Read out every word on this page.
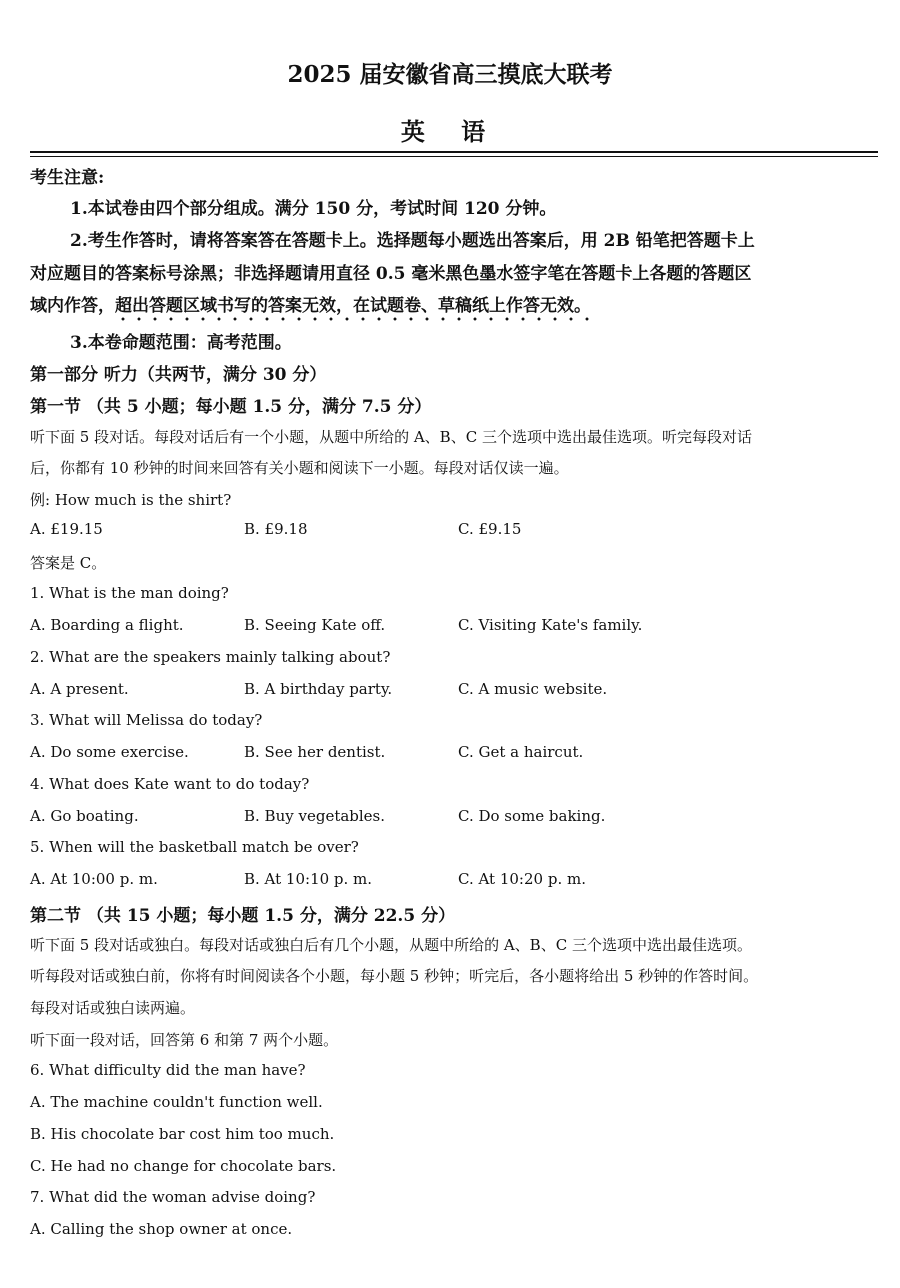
2025 届安徽省高三摸底大联考
英 语
考生注意:
1.本试卷由四个部分组成。满分 150 分，考试时间 120 分钟。
2.考生作答时，请将答案答在答题卡上。选择题每小题选出答案后，用 2B 铅笔把答题卡上
对应题目的答案标号涂黑；非选择题请用直径 0.5 毫米黑色墨水签字笔在答题卡上各题的答题区
域内作答，超出答题区域书写的答案无效，在试题卷、草稿纸上作答无效。
3.本卷命题范围：高考范围。
第一部分 听力（共两节，满分 30 分）
第一节 （共 5 小题；每小题 1.5 分，满分 7.5 分）
听下面 5 段对话。每段对话后有一个小题，从题中所给的 A、B、C 三个选项中选出最佳选项。听完每段对话
后，你都有 10 秒钟的时间来回答有关小题和阅读下一小题。每段对话仅读一遍。
例: How much is the shirt?
A. £19.15	B. £9.18	C. £9.15
答案是 C。
1. What is the man doing?
A. Boarding a flight.	B. Seeing Kate off.	C. Visiting Kate's family.
2. What are the speakers mainly talking about?
A. A present.	B. A birthday party.	C. A music website.
3. What will Melissa do today?
A. Do some exercise.	B. See her dentist.	C. Get a haircut.
4. What does Kate want to do today?
A. Go boating.	B. Buy vegetables.	C. Do some baking.
5. When will the basketball match be over?
A. At 10:00 p. m.	B. At 10:10 p. m.	C. At 10:20 p. m.
第二节 （共 15 小题；每小题 1.5 分，满分 22.5 分）
听下面 5 段对话或独白。每段对话或独白后有几个小题，从题中所给的 A、B、C 三个选项中选出最佳选项。
听每段对话或独白前，你将有时间阅读各个小题，每小题 5 秒钟；听完后，各小题将给出 5 秒钟的作答时间。
每段对话或独白读两遍。
听下面一段对话，回答第 6 和第 7 两个小题。
6. What difficulty did the man have?
A. The machine couldn't function well.
B. His chocolate bar cost him too much.
C. He had no change for chocolate bars.
7. What did the woman advise doing?
A. Calling the shop owner at once.
